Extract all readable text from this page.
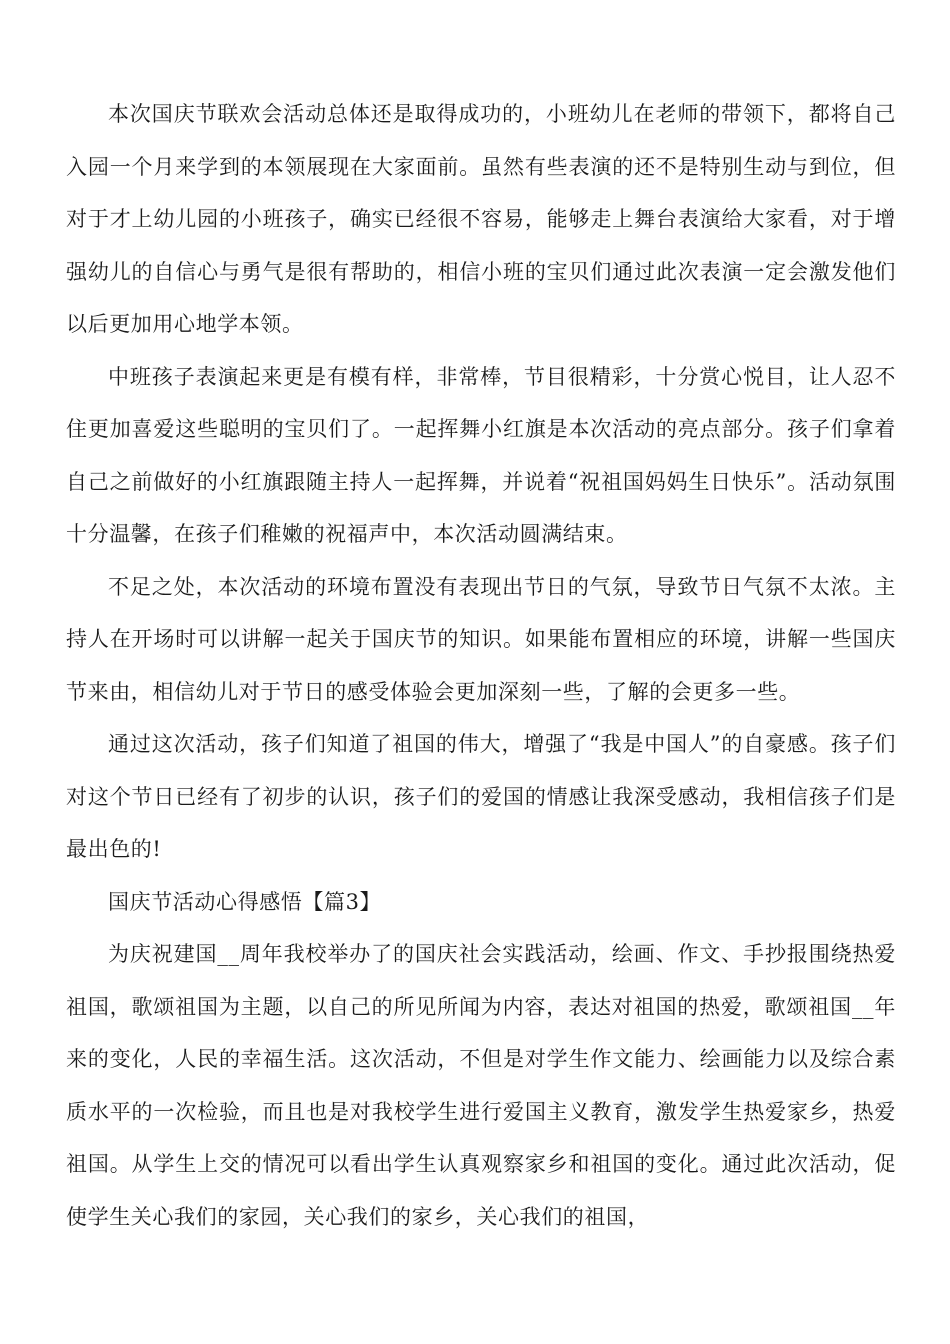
本次国庆节联欢会活动总体还是取得成功的，小班幼儿在老师的带领下，都将自己入园一个月来学到的本领展现在大家面前。虽然有些表演的还不是特别生动与到位，但对于才上幼儿园的小班孩子，确实已经很不容易，能够走上舞台表演给大家看，对于增强幼儿的自信心与勇气是很有帮助的，相信小班的宝贝们通过此次表演一定会激发他们以后更加用心地学本领。

中班孩子表演起来更是有模有样，非常棒，节目很精彩，十分赏心悦目，让人忍不住更加喜爱这些聪明的宝贝们了。一起挥舞小红旗是本次活动的亮点部分。孩子们拿着自己之前做好的小红旗跟随主持人一起挥舞，并说着“祝祖国妈妈生日快乐”。活动氛围十分温馨，在孩子们稚嫩的祝福声中，本次活动圆满结束。

不足之处，本次活动的环境布置没有表现出节日的气氛，导致节日气氛不太浓。主持人在开场时可以讲解一起关于国庆节的知识。如果能布置相应的环境，讲解一些国庆节来由，相信幼儿对于节日的感受体验会更加深刻一些，了解的会更多一些。

通过这次活动，孩子们知道了祖国的伟大，增强了“我是中国人”的自豪感。孩子们对这个节日已经有了初步的认识，孩子们的爱国的情感让我深受感动，我相信孩子们是最出色的!

国庆节活动心得感悟【篇3】

为庆祝建国__周年我校举办了的国庆社会实践活动，绘画、作文、手抄报围绕热爱祖国，歌颂祖国为主题，以自己的所见所闻为内容，表达对祖国的热爱，歌颂祖国__年来的变化，人民的幸福生活。这次活动，不但是对学生作文能力、绘画能力以及综合素质水平的一次检验，而且也是对我校学生进行爱国主义教育，激发学生热爱家乡，热爱祖国。从学生上交的情况可以看出学生认真观察家乡和祖国的变化。通过此次活动，促使学生关心我们的家园，关心我们的家乡，关心我们的祖国，
